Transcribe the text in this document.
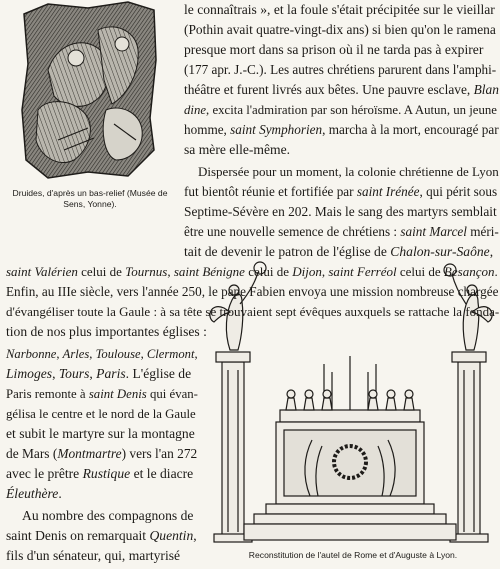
Druides, d'après un bas-relief (Musée de Sens, Yonne).
Reconstitution de l'autel de Rome et d'Auguste à Lyon.
le connaîtrais », et la foule s'était précipitée sur le vieillar
(Pothin avait quatre-vingt-dix ans) si bien qu'on le ramena
presque mort dans sa prison où il ne tarda pas à expirer
(177 apr. J.-C.). Les autres chrétiens parurent dans l'amphi-
théâtre et furent livrés aux bêtes. Une pauvre esclave, Blan
dine, excita l'admiration par son héroïsme. A Autun, un jeune
homme, saint Symphorien, marcha à la mort, encouragé par
sa mère elle-même.
Dispersée pour un moment, la colonie chrétienne de Lyon
fut bientôt réunie et fortifiée par saint Irénée, qui périt sous
Septime-Sévère en 202. Mais le sang des martyrs semblait
être une nouvelle semence de chrétiens : saint Marcel méri-
tait de devenir le patron de l'église de Chalon-sur-Saône,
saint Valérien celui de Tournus, saint Bénigne celui de Dijon, saint Ferréol celui de Besançon.
Enfin, au IIIe siècle, vers l'année 250, le pape Fabien envoya une mission nombreuse chargée
d'évangéliser toute la Gaule : à sa tête se trouvaient sept évêques auxquels se rattache la fonda-
tion de nos plus importantes églises :
Narbonne, Arles, Toulouse, Clermont,
Limoges, Tours, Paris. L'église de
Paris remonte à saint Denis qui évan-
gélisa le centre et le nord de la Gaule
et subit le martyre sur la montagne
de Mars (Montmartre) vers l'an 272
avec le prêtre Rustique et le diacre
Éleuthère.
Au nombre des compagnons de
saint Denis on remarquait Quentin,
fils d'un sénateur, qui, martyrisé
